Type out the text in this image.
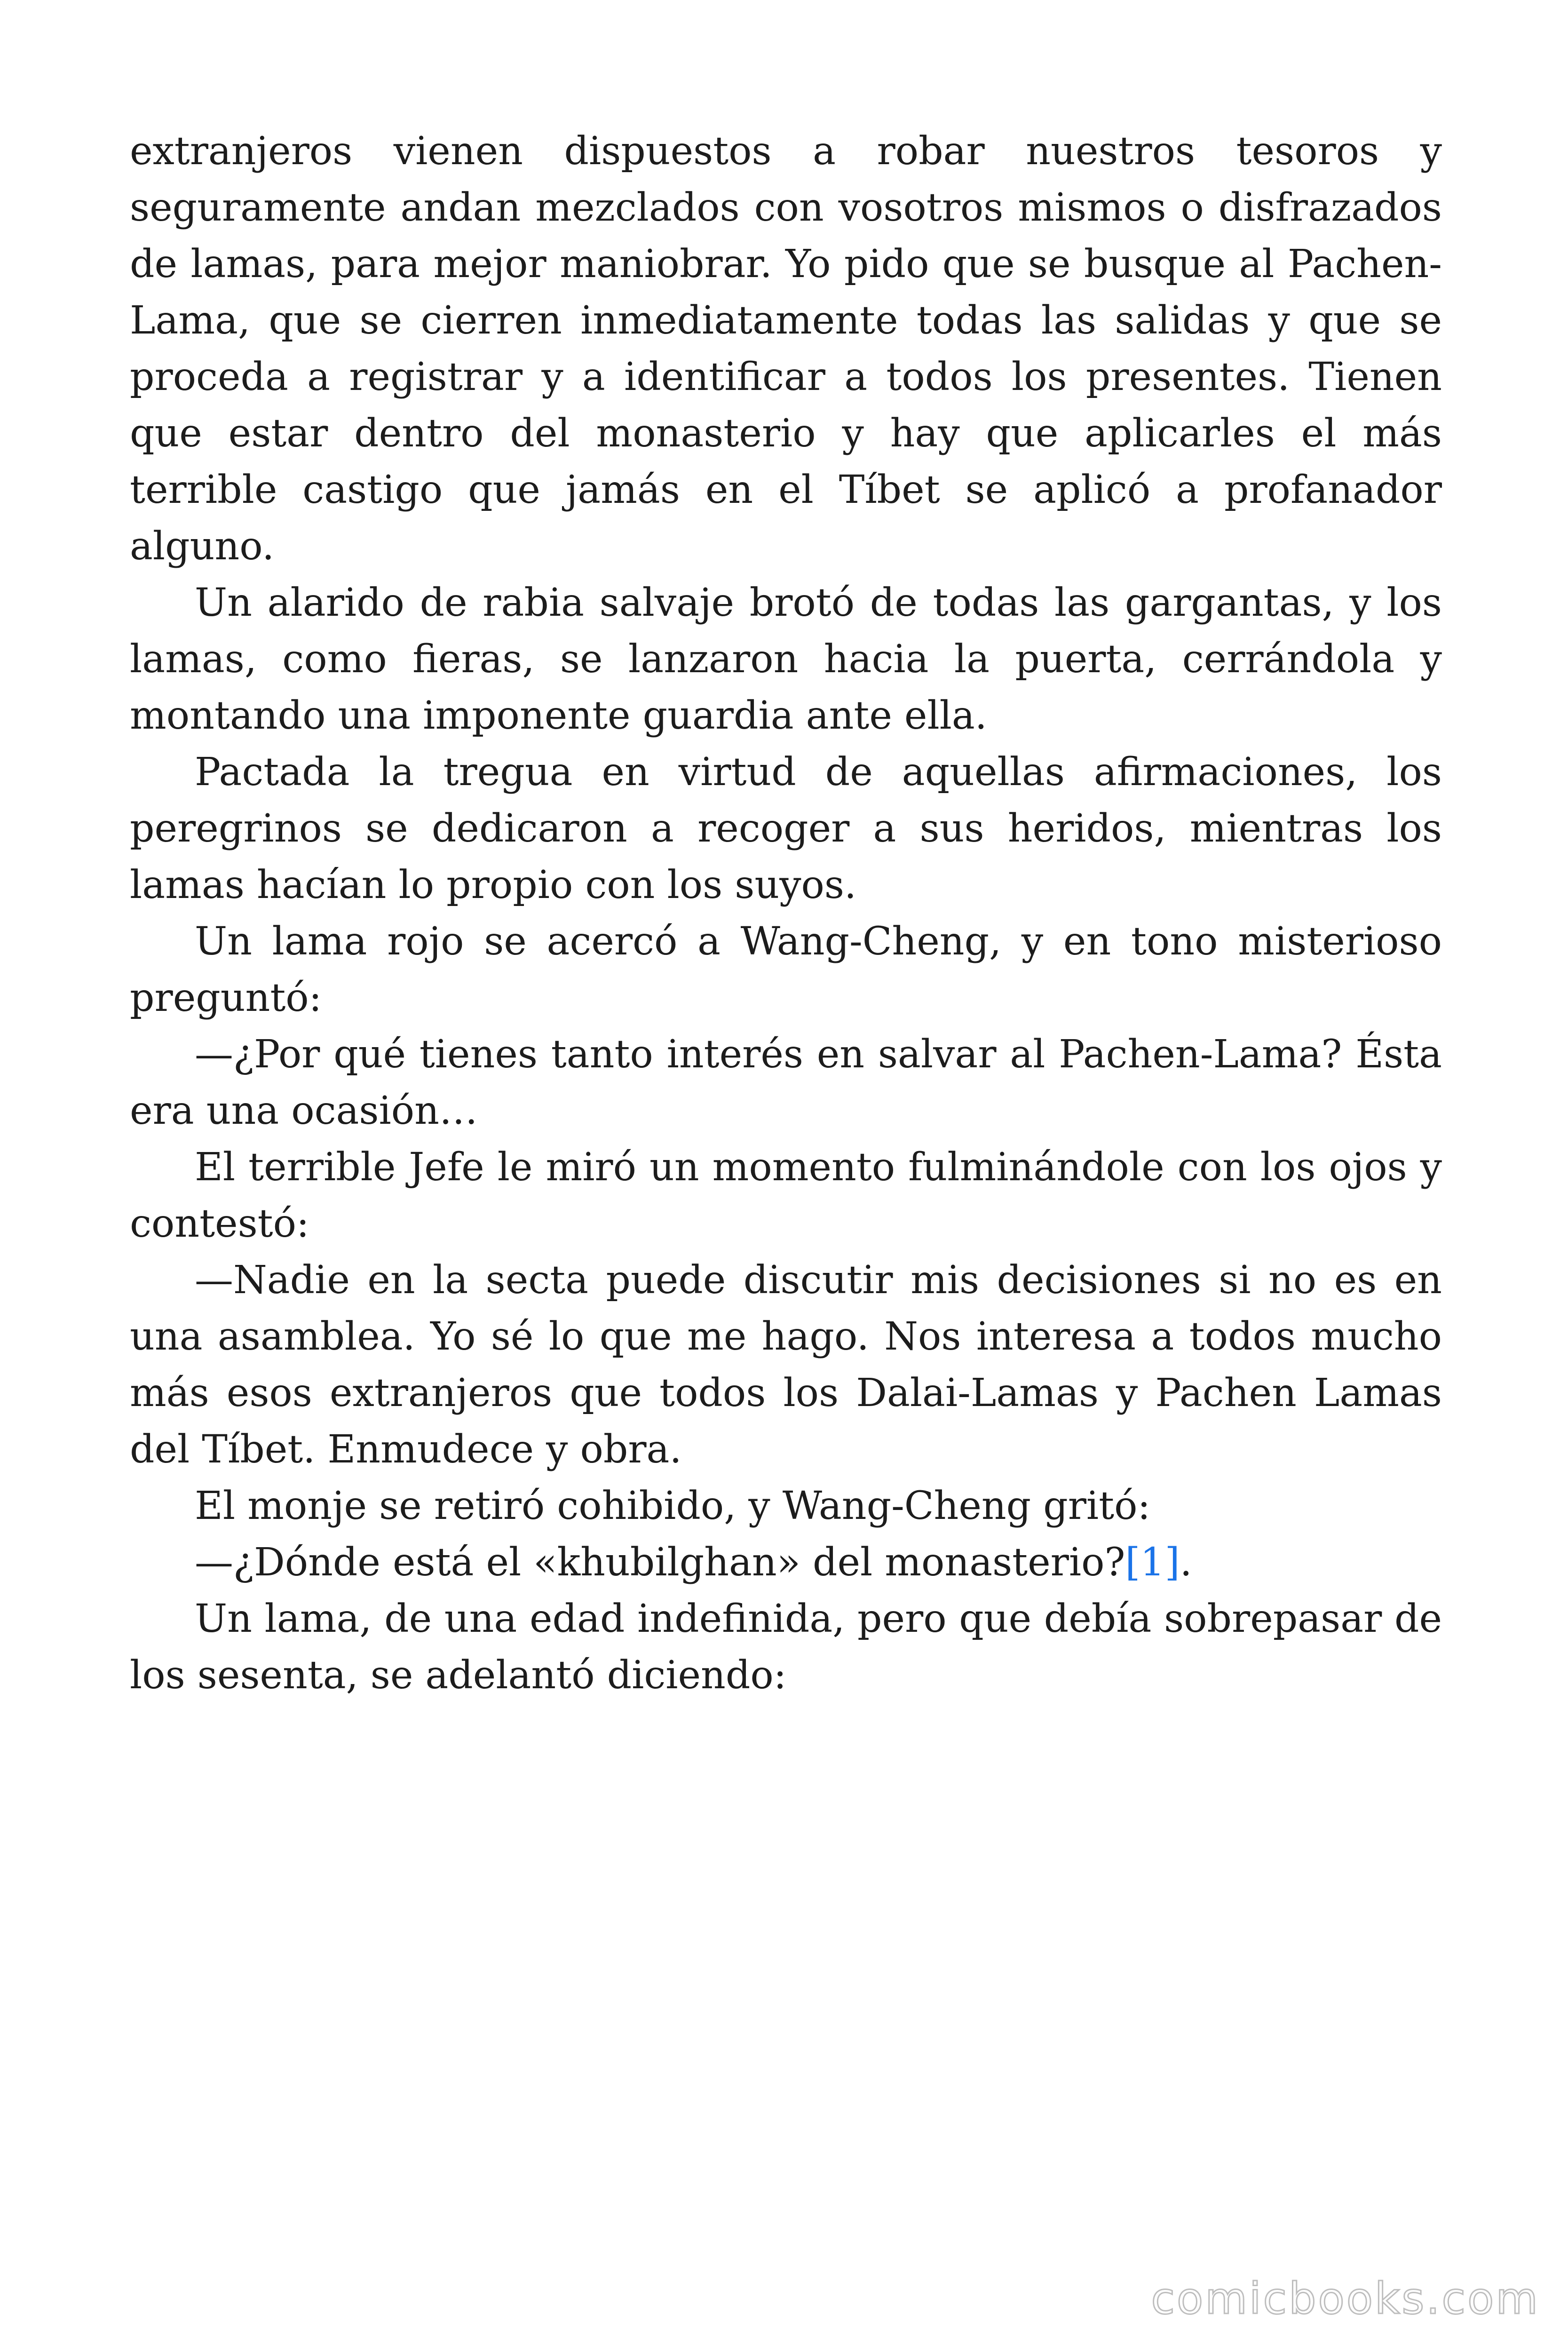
extranjeros vienen dispuestos a robar nuestros tesoros y seguramente andan mezclados con vosotros mismos o disfrazados de lamas, para mejor maniobrar. Yo pido que se busque al Pachen-Lama, que se cierren inmediatamente todas las salidas y que se proceda a registrar y a identificar a todos los presentes. Tienen que estar dentro del monasterio y hay que aplicarles el más terrible castigo que jamás en el Tíbet se aplicó a profanador alguno.

Un alarido de rabia salvaje brotó de todas las gargantas, y los lamas, como fieras, se lanzaron hacia la puerta, cerrándola y montando una imponente guardia ante ella.

Pactada la tregua en virtud de aquellas afirmaciones, los peregrinos se dedicaron a recoger a sus heridos, mientras los lamas hacían lo propio con los suyos.

Un lama rojo se acercó a Wang-Cheng, y en tono misterioso preguntó:

—¿Por qué tienes tanto interés en salvar al Pachen-Lama? Ésta era una ocasión…

El terrible Jefe le miró un momento fulminándole con los ojos y contestó:

—Nadie en la secta puede discutir mis decisiones si no es en una asamblea. Yo sé lo que me hago. Nos interesa a todos mucho más esos extranjeros que todos los Dalai-Lamas y Pachen Lamas del Tíbet. Enmudece y obra.

El monje se retiró cohibido, y Wang-Cheng gritó:

—¿Dónde está el «khubilghan» del monasterio?[1].

Un lama, de una edad indefinida, pero que debía sobrepasar de los sesenta, se adelantó diciendo:

comicbooks.com
